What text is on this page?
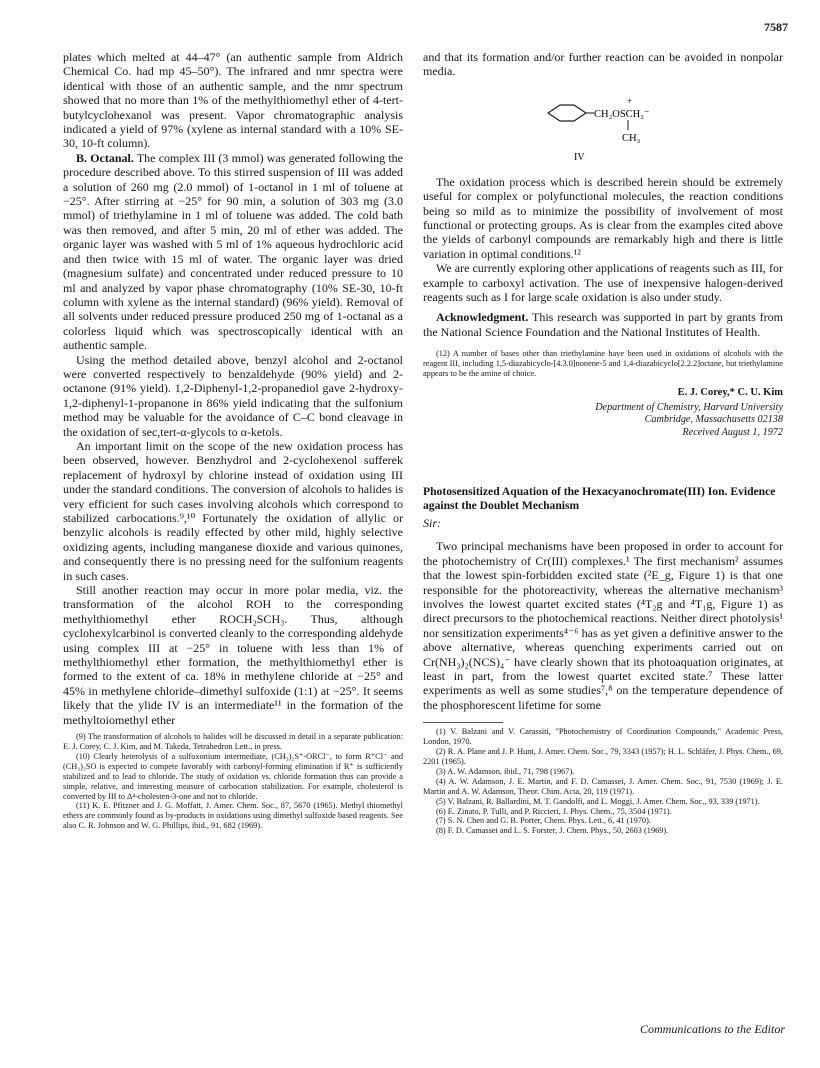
7587

plates which melted at 44–47° (an authentic sample from Aldrich Chemical Co. had mp 45–50°). The infrared and nmr spectra were identical with those of an authentic sample, and the nmr spectrum showed that no more than 1% of the methylthiomethyl ether of 4-tert-butylcyclohexanol was present. Vapor chromatographic analysis indicated a yield of 97% (xylene as internal standard with a 10% SE-30, 10-ft column).

B. Octanal. The complex III (3 mmol) was generated following the procedure described above. To this stirred suspension of III was added a solution of 260 mg (2.0 mmol) of 1-octanol in 1 ml of toluene at −25°. After stirring at −25° for 90 min, a solution of 303 mg (3.0 mmol) of triethylamine in 1 ml of toluene was added. The cold bath was then removed, and after 5 min, 20 ml of ether was added. The organic layer was washed with 5 ml of 1% aqueous hydrochloric acid and then twice with 15 ml of water. The organic layer was dried (magnesium sulfate) and concentrated under reduced pressure to 10 ml and analyzed by vapor phase chromatography (10% SE-30, 10-ft column with xylene as the internal standard) (96% yield). Removal of all solvents under reduced pressure produced 250 mg of 1-octanal as a colorless liquid which was spectroscopically identical with an authentic sample.

Using the method detailed above, benzyl alcohol and 2-octanol were converted respectively to benzaldehyde (90% yield) and 2-octanone (91% yield). 1,2-Diphenyl-1,2-propanediol gave 2-hydroxy-1,2-diphenyl-1-propanone in 86% yield indicating that the sulfonium method may be valuable for the avoidance of C–C bond cleavage in the oxidation of sec,tert-α-glycols to α-ketols.

An important limit on the scope of the new oxidation process has been observed, however. Benzhydrol and 2-cyclohexenol sufferek replacement of hydroxyl by chlorine instead of oxidation using III under the standard conditions. The conversion of alcohols to halides is very efficient for such cases involving alcohols which correspond to stabilized carbocations.⁹,¹⁰ Fortunately the oxidation of allylic or benzylic alcohols is readily effected by other mild, highly selective oxidizing agents, including manganese dioxide and various quinones, and consequently there is no pressing need for the sulfonium reagents in such cases.

Still another reaction may occur in more polar media, viz. the transformation of the alcohol ROH to the corresponding methylthiomethyl ether ROCH₂SCH₃. Thus, although cyclohexylcarbinol is converted cleanly to the corresponding aldehyde using complex III at −25° in toluene with less than 1% of methylthiomethyl ether formation, the methylthiomethyl ether is formed to the extent of ca. 18% in methylene chloride at −25° and 45% in methylene chloride–dimethyl sulfoxide (1:1) at −25°. It seems likely that the ylide IV is an intermediate¹¹ in the formation of the methyltoiomethyl ether

(9) The transformation of alcohols to halides will be discussed in detail in a separate publication: E. J. Corey, C. J. Kim, and M. Takeda, Tetrahedron Lett., in press.

(10) Clearly heterolysis of a sulfoxonium intermediate, (CH₃)₂S⁺-ORCl⁻, to form R⁺Cl⁻ and (CH₃)₂SO is expected to compete favorably with carbonyl-forming elimination if R⁺ is sufficiently stabilized and to lead to chloride. The study of oxidation vs. chloride formation thus can provide a simple, relative, and interesting measure of carbocation stabilization. For example, cholesterol is converted by III to Δ⁴-cholesten-3-one and not to chloride.

(11) K. E. Pfitzner and J. G. Moffatt, J. Amer. Chem. Soc., 87, 5670 (1965). Methyl thiomethyl ethers are commonly found as by-products in oxidations using dimethyl sulfoxide based reagents. See also C. R. Johnson and W. G. Phillips, ibid., 91, 682 (1969).

and that its formation and/or further reaction can be avoided in nonpolar media.

+
CH₂OSCH₂⁻
CH₃
IV

The oxidation process which is described herein should be extremely useful for complex or polyfunctional molecules, the reaction conditions being so mild as to minimize the possibility of involvement of most functional or protecting groups. As is clear from the examples cited above the yields of carbonyl compounds are remarkably high and there is little variation in optimal conditions.¹²

We are currently exploring other applications of reagents such as III, for example to carboxyl activation. The use of inexpensive halogen-derived reagents such as I for large scale oxidation is also under study.

Acknowledgment. This research was supported in part by grants from the National Science Foundation and the National Institutes of Health.

(12) A number of bases other than triethylamine have been used in oxidations of alcohols with the reagent III, including 1,5-diazabicyclo-[4.3.0]nonene-5 and 1,4-diazabicyclo[2.2.2]octane, but triethylamine appears to be the amine of choice.

E. J. Corey,* C. U. Kim

Department of Chemistry, Harvard University

Cambridge, Massachusetts 02138

Received August 1, 1972

Photosensitized Aquation of the Hexacyanochromate(III) Ion. Evidence against the Doublet Mechanism

Sir:

Two principal mechanisms have been proposed in order to account for the photochemistry of Cr(III) complexes.¹ The first mechanism² assumes that the lowest spin-forbidden excited state (²E_g, Figure 1) is that one responsible for the photoreactivity, whereas the alternative mechanism³ involves the lowest quartet excited states (⁴T₂g and ⁴T₁g, Figure 1) as direct precursors to the photochemical reactions. Neither direct photolysis¹ nor sensitization experiments⁴⁻⁶ has as yet given a definitive answer to the above alternative, whereas quenching experiments carried out on Cr(NH₃)₂(NCS)₄⁻ have clearly shown that its photoaquation originates, at least in part, from the lowest quartet excited state.⁷ These latter experiments as well as some studies⁷,⁸ on the temperature dependence of the phosphorescent lifetime for some

(1) V. Balzani and V. Carassiti, "Photochemistry of Coordination Compounds," Academic Press, London, 1970.

(2) R. A. Plane and J. P. Hunt, J. Amer. Chem. Soc., 79, 3343 (1957); H. L. Schläfer, J. Phys. Chem., 69, 2201 (1965).

(3) A. W. Adamson, ibid., 71, 798 (1967).

(4) A. W. Adamson, J. E. Martin, and F. D. Camassei, J. Amer. Chem. Soc., 91, 7530 (1969); J. E. Martin and A. W. Adamson, Theor. Chim. Acta, 20, 119 (1971).

(5) V. Balzani, R. Ballardini, M. T. Gandolfi, and L. Moggi, J. Amer. Chem. Soc., 93, 339 (1971).

(6) E. Zinato, P. Tulli, and P. Riccieri, J. Phys. Chem., 75, 3504 (1971).

(7) S. N. Chen and G. B. Porter, Chem. Phys. Lett., 6, 41 (1970).

(8) F. D. Camassei and L. S. Forster, J. Chem. Phys., 50, 2603 (1969).

Communications to the Editor
